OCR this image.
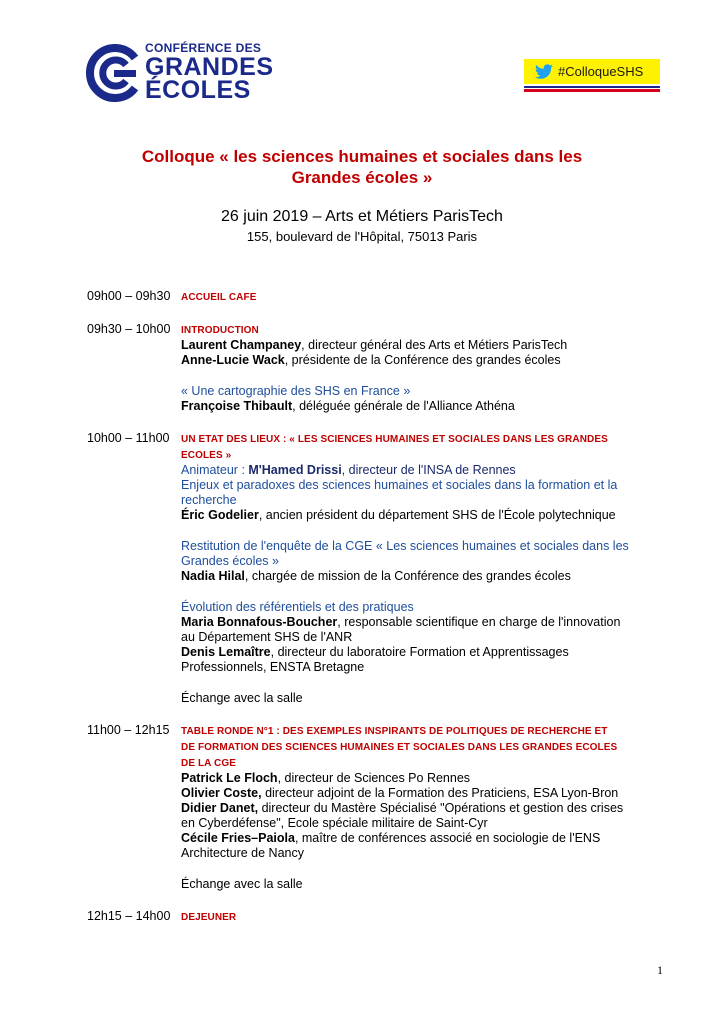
CONFÉRENCE DES
GRANDES
ÉCOLES
#ColloqueSHS
Colloque « les sciences humaines et sociales dans les
Grandes écoles »
26 juin 2019 – Arts et Métiers ParisTech
155, boulevard de l'Hôpital, 75013 Paris
09h00 – 09h30	ACCUEIL CAFE
09h30 – 10h00	INTRODUCTION
Laurent Champaney, directeur général des Arts et Métiers ParisTech
Anne-Lucie Wack, présidente de la Conférence des grandes écoles
« Une cartographie des SHS en France »
Françoise Thibault, déléguée générale de l'Alliance Athéna
10h00 – 11h00	UN ETAT DES LIEUX : « LES SCIENCES HUMAINES ET SOCIALES DANS LES GRANDES
ECOLES »
Animateur : M'Hamed Drissi, directeur de l'INSA de Rennes
Enjeux et paradoxes des sciences humaines et sociales dans la formation et la
recherche
Éric Godelier, ancien président du département SHS de l'École polytechnique
Restitution de l'enquête de la CGE « Les sciences humaines et sociales dans les
Grandes écoles »
Nadia Hilal, chargée de mission de la Conférence des grandes écoles
Évolution des référentiels et des pratiques
Maria Bonnafous-Boucher, responsable scientifique en charge de l'innovation
au Département SHS de l'ANR
Denis Lemaître, directeur du laboratoire Formation et Apprentissages
Professionnels, ENSTA Bretagne
Échange avec la salle
11h00 – 12h15	TABLE RONDE N°1 : DES EXEMPLES INSPIRANTS DE POLITIQUES DE RECHERCHE ET
DE FORMATION DES SCIENCES HUMAINES ET SOCIALES DANS LES GRANDES ECOLES
DE LA CGE
Patrick Le Floch, directeur de Sciences Po Rennes
Olivier Coste, directeur adjoint de la Formation des Praticiens, ESA Lyon-Bron
Didier Danet, directeur du Mastère Spécialisé "Opérations et gestion des crises
en Cyberdéfense", Ecole spéciale militaire de Saint-Cyr
Cécile Fries–Paiola, maître de conférences associé en sociologie de l'ENS
Architecture de Nancy
Échange avec la salle
12h15 – 14h00	DEJEUNER
1
